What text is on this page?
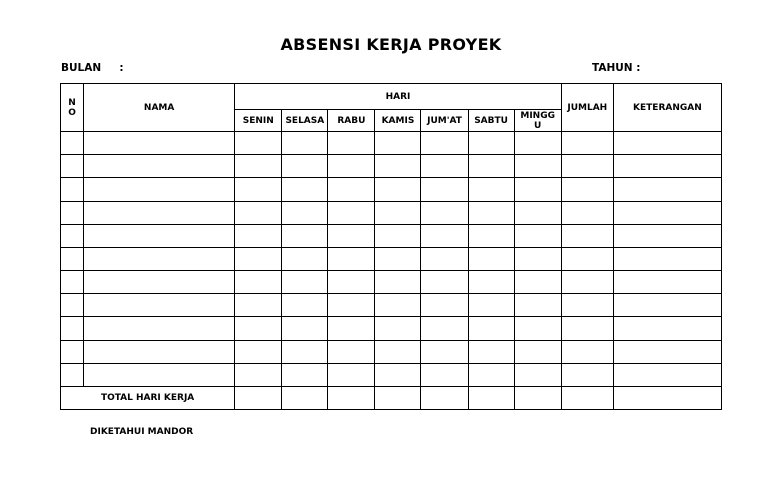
ABSENSI KERJA PROYEK
BULAN     :	TAHUN :
NO	NAMA	HARI							JUMLAH	KETERANGAN
		SENIN	SELASA	RABU	KAMIS	JUM'AT	SABTU	MINGGU		

TOTAL HARI KERJA										
DIKETAHUI MANDOR
